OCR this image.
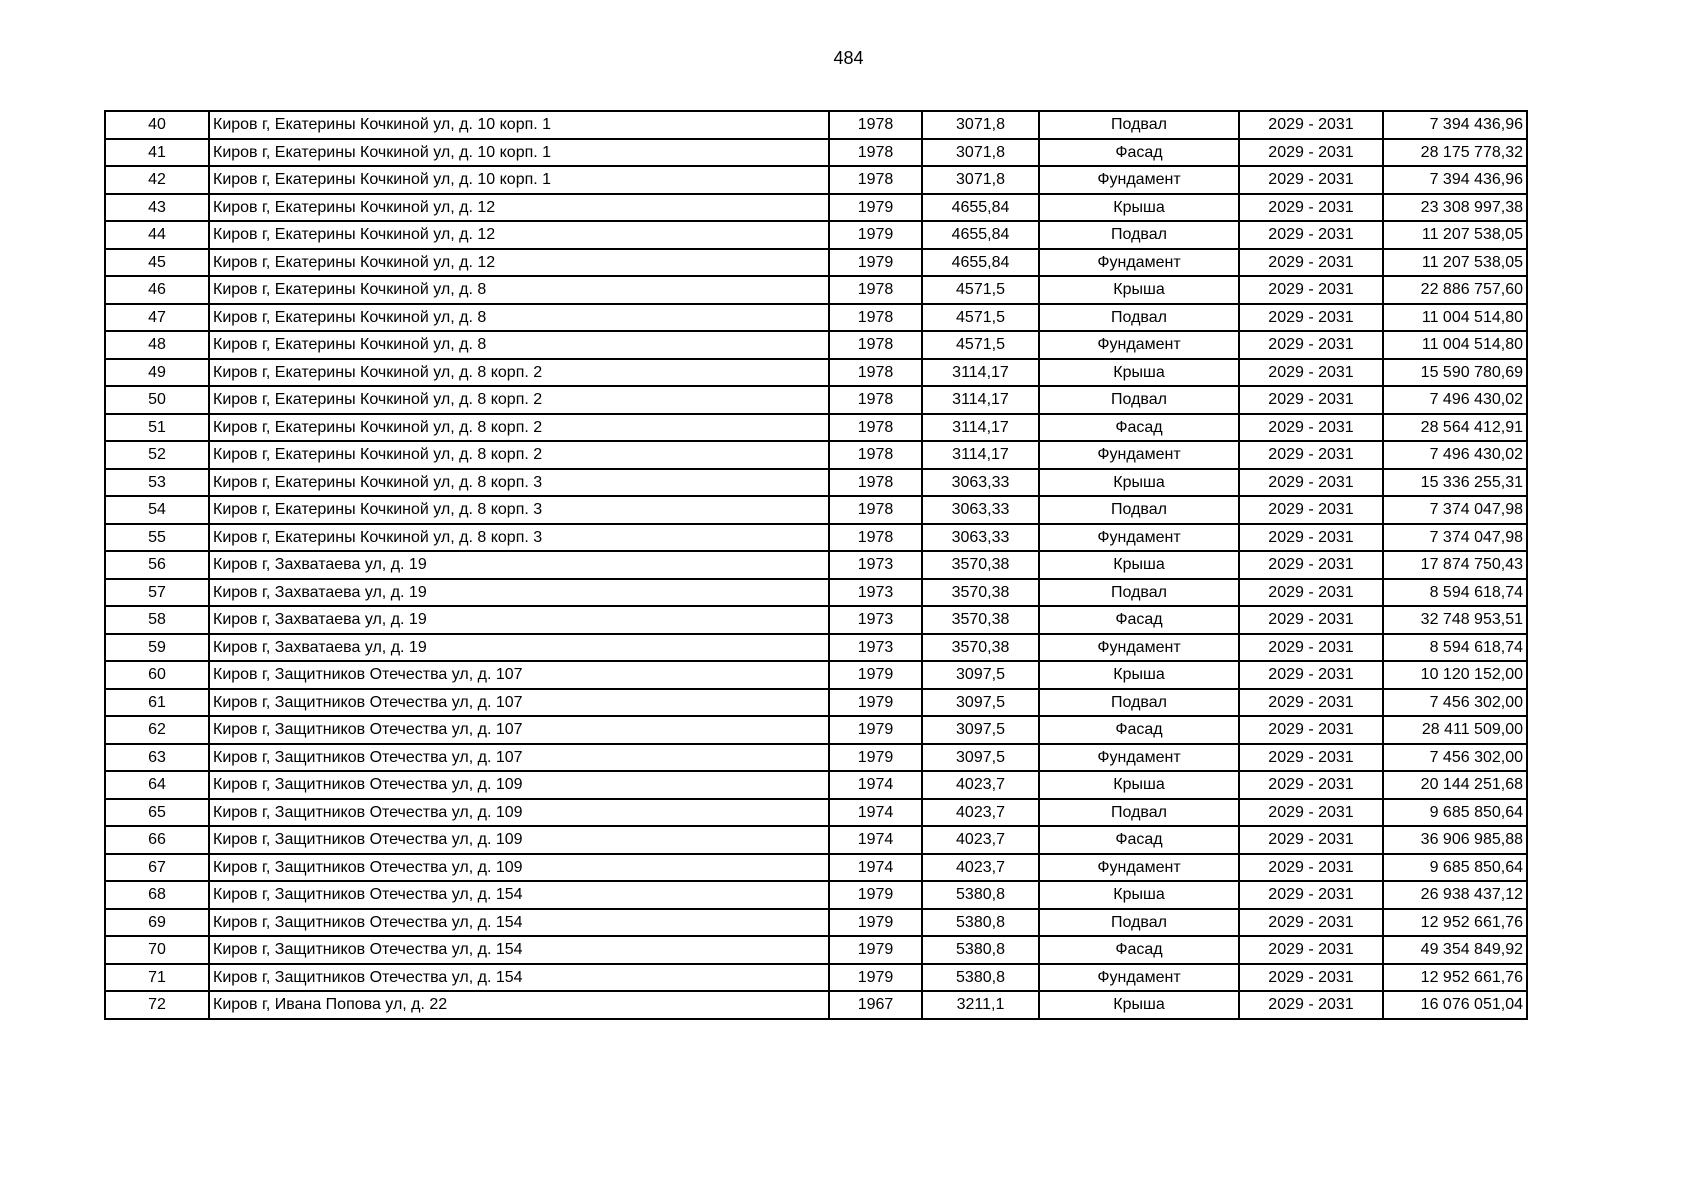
484
40	Киров г, Екатерины Кочкиной ул, д. 10 корп. 1	1978	3071,8	Подвал	2029 - 2031	7 394 436,96
41	Киров г, Екатерины Кочкиной ул, д. 10 корп. 1	1978	3071,8	Фасад	2029 - 2031	28 175 778,32
42	Киров г, Екатерины Кочкиной ул, д. 10 корп. 1	1978	3071,8	Фундамент	2029 - 2031	7 394 436,96
43	Киров г, Екатерины Кочкиной ул, д. 12	1979	4655,84	Крыша	2029 - 2031	23 308 997,38
44	Киров г, Екатерины Кочкиной ул, д. 12	1979	4655,84	Подвал	2029 - 2031	11 207 538,05
45	Киров г, Екатерины Кочкиной ул, д. 12	1979	4655,84	Фундамент	2029 - 2031	11 207 538,05
46	Киров г, Екатерины Кочкиной ул, д. 8	1978	4571,5	Крыша	2029 - 2031	22 886 757,60
47	Киров г, Екатерины Кочкиной ул, д. 8	1978	4571,5	Подвал	2029 - 2031	11 004 514,80
48	Киров г, Екатерины Кочкиной ул, д. 8	1978	4571,5	Фундамент	2029 - 2031	11 004 514,80
49	Киров г, Екатерины Кочкиной ул, д. 8 корп. 2	1978	3114,17	Крыша	2029 - 2031	15 590 780,69
50	Киров г, Екатерины Кочкиной ул, д. 8 корп. 2	1978	3114,17	Подвал	2029 - 2031	7 496 430,02
51	Киров г, Екатерины Кочкиной ул, д. 8 корп. 2	1978	3114,17	Фасад	2029 - 2031	28 564 412,91
52	Киров г, Екатерины Кочкиной ул, д. 8 корп. 2	1978	3114,17	Фундамент	2029 - 2031	7 496 430,02
53	Киров г, Екатерины Кочкиной ул, д. 8 корп. 3	1978	3063,33	Крыша	2029 - 2031	15 336 255,31
54	Киров г, Екатерины Кочкиной ул, д. 8 корп. 3	1978	3063,33	Подвал	2029 - 2031	7 374 047,98
55	Киров г, Екатерины Кочкиной ул, д. 8 корп. 3	1978	3063,33	Фундамент	2029 - 2031	7 374 047,98
56	Киров г, Захватаева ул, д. 19	1973	3570,38	Крыша	2029 - 2031	17 874 750,43
57	Киров г, Захватаева ул, д. 19	1973	3570,38	Подвал	2029 - 2031	8 594 618,74
58	Киров г, Захватаева ул, д. 19	1973	3570,38	Фасад	2029 - 2031	32 748 953,51
59	Киров г, Захватаева ул, д. 19	1973	3570,38	Фундамент	2029 - 2031	8 594 618,74
60	Киров г, Защитников Отечества ул, д. 107	1979	3097,5	Крыша	2029 - 2031	10 120 152,00
61	Киров г, Защитников Отечества ул, д. 107	1979	3097,5	Подвал	2029 - 2031	7 456 302,00
62	Киров г, Защитников Отечества ул, д. 107	1979	3097,5	Фасад	2029 - 2031	28 411 509,00
63	Киров г, Защитников Отечества ул, д. 107	1979	3097,5	Фундамент	2029 - 2031	7 456 302,00
64	Киров г, Защитников Отечества ул, д. 109	1974	4023,7	Крыша	2029 - 2031	20 144 251,68
65	Киров г, Защитников Отечества ул, д. 109	1974	4023,7	Подвал	2029 - 2031	9 685 850,64
66	Киров г, Защитников Отечества ул, д. 109	1974	4023,7	Фасад	2029 - 2031	36 906 985,88
67	Киров г, Защитников Отечества ул, д. 109	1974	4023,7	Фундамент	2029 - 2031	9 685 850,64
68	Киров г, Защитников Отечества ул, д. 154	1979	5380,8	Крыша	2029 - 2031	26 938 437,12
69	Киров г, Защитников Отечества ул, д. 154	1979	5380,8	Подвал	2029 - 2031	12 952 661,76
70	Киров г, Защитников Отечества ул, д. 154	1979	5380,8	Фасад	2029 - 2031	49 354 849,92
71	Киров г, Защитников Отечества ул, д. 154	1979	5380,8	Фундамент	2029 - 2031	12 952 661,76
72	Киров г, Ивана Попова ул, д. 22	1967	3211,1	Крыша	2029 - 2031	16 076 051,04
